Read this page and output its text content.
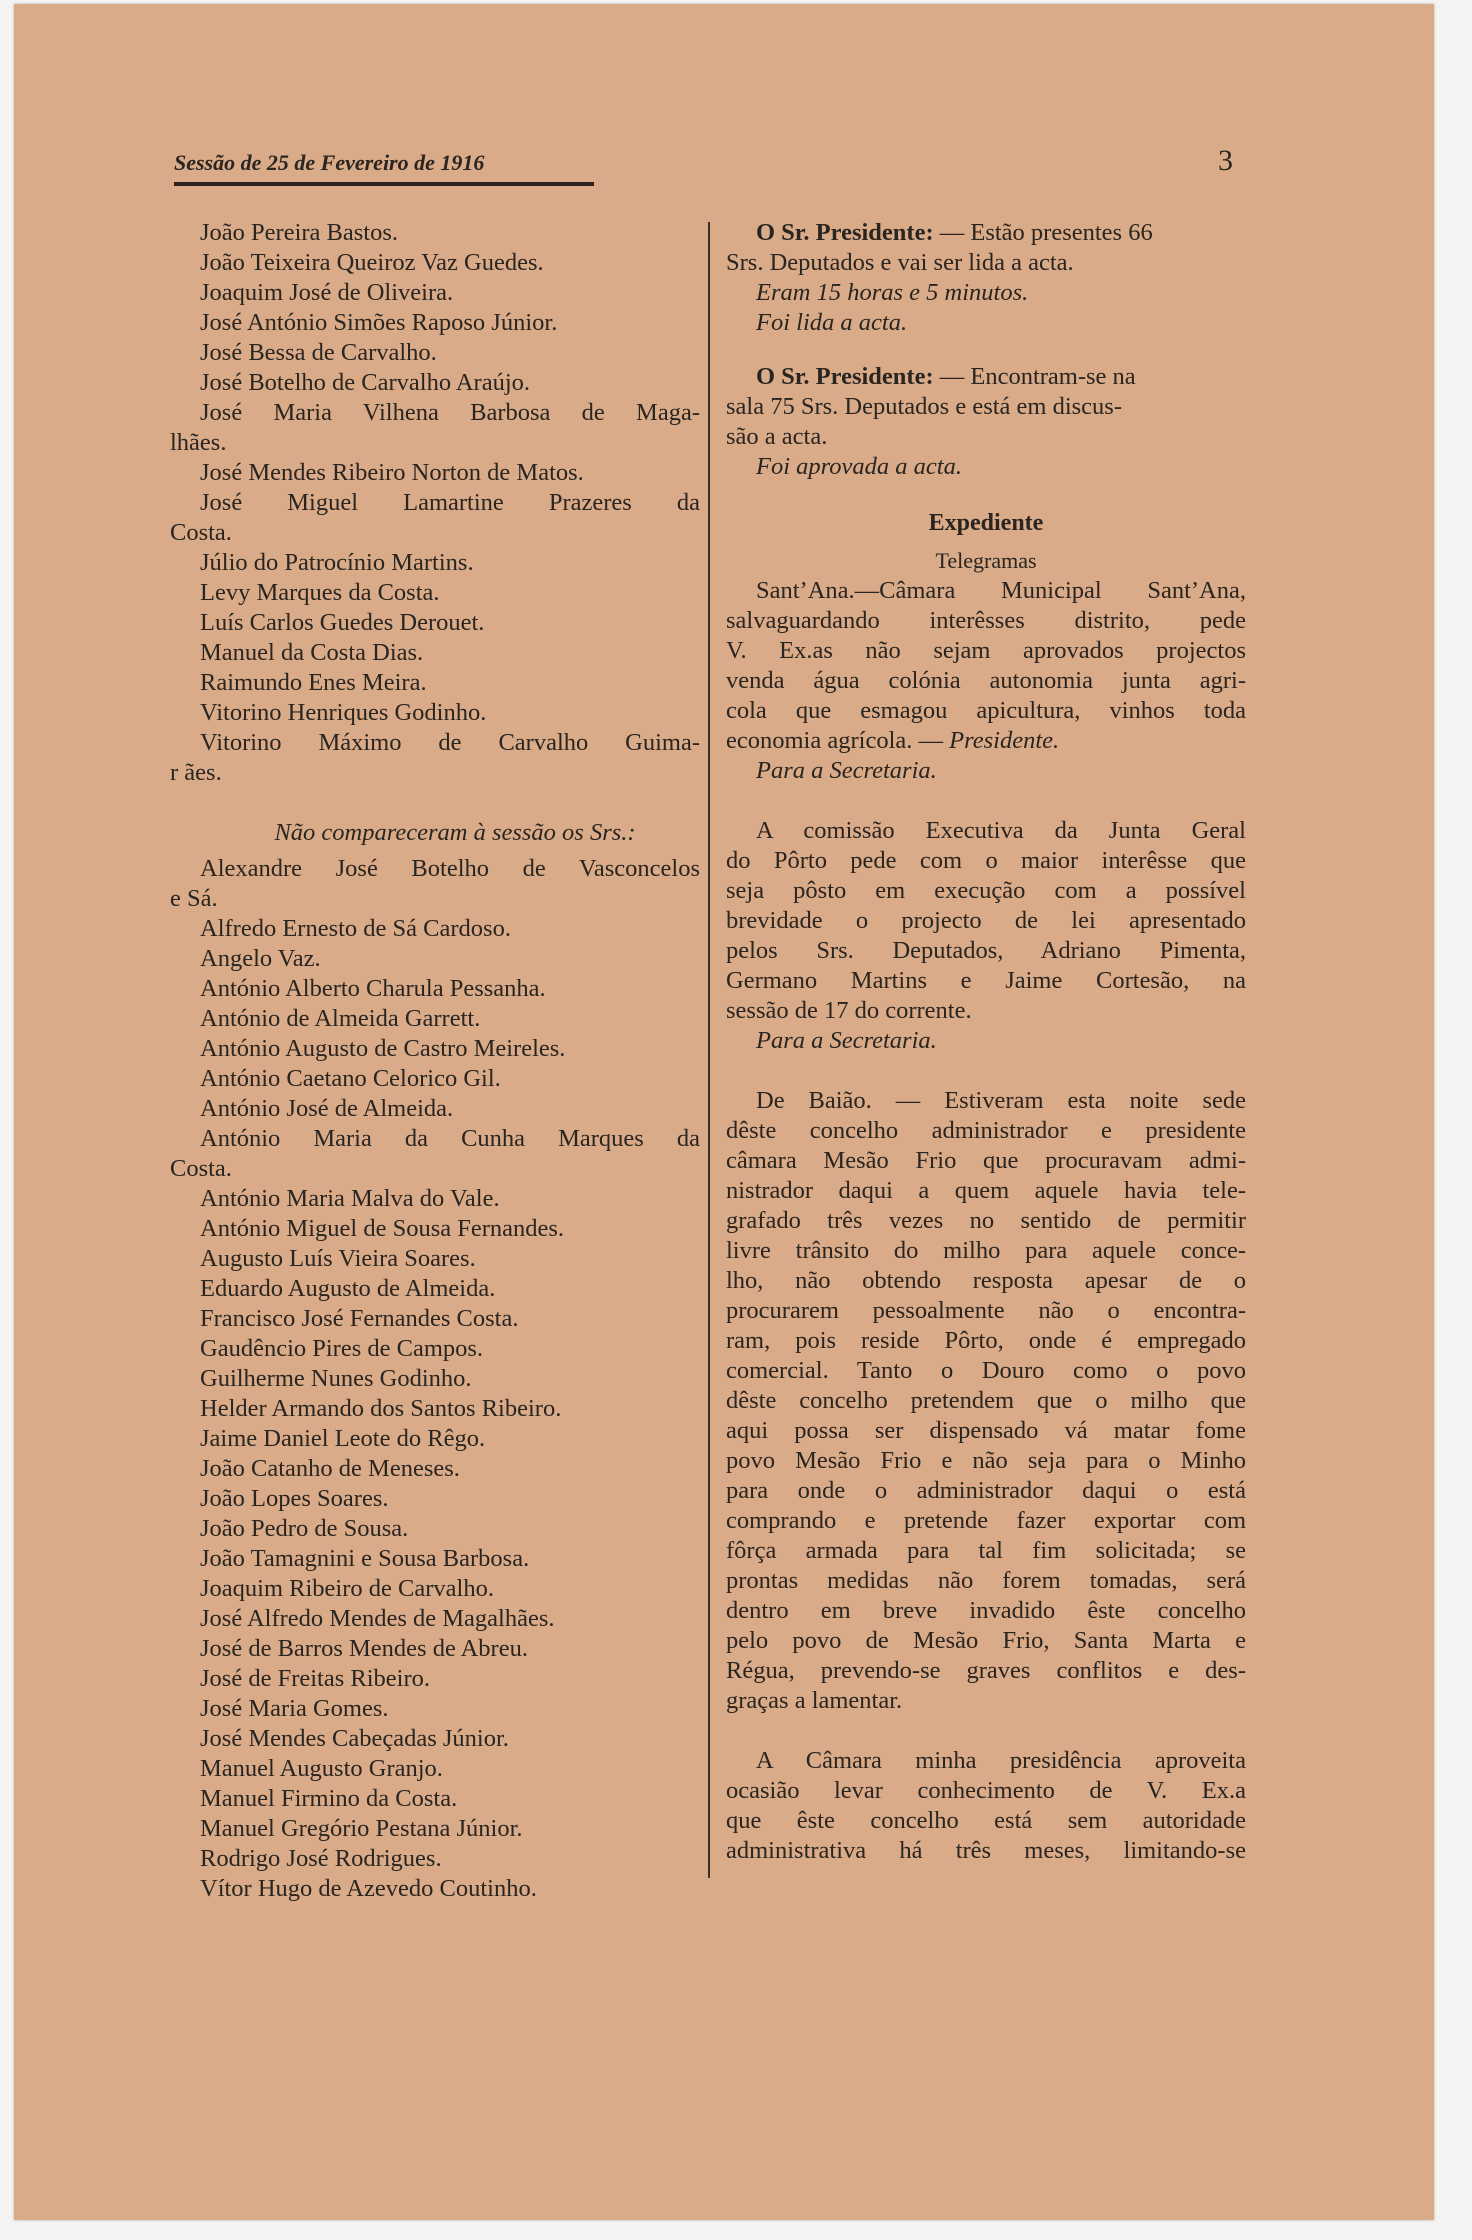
Sessão de 25 de Fevereiro de 1916	3
João Pereira Bastos.
João Teixeira Queiroz Vaz Guedes.
Joaquim José de Oliveira.
José António Simões Raposo Júnior.
José Bessa de Carvalho.
José Botelho de Carvalho Araújo.
José Maria Vilhena Barbosa de Maga-
lhães.
José Mendes Ribeiro Norton de Matos.
José Miguel Lamartine Prazeres da
Costa.
Júlio do Patrocínio Martins.
Levy Marques da Costa.
Luís Carlos Guedes Derouet.
Manuel da Costa Dias.
Raimundo Enes Meira.
Vitorino Henriques Godinho.
Vitorino Máximo de Carvalho Guima-
r ães.
Não compareceram à sessão os Srs.:
Alexandre José Botelho de Vasconcelos
e Sá.
Alfredo Ernesto de Sá Cardoso.
Angelo Vaz.
António Alberto Charula Pessanha.
António de Almeida Garrett.
António Augusto de Castro Meireles.
António Caetano Celorico Gil.
António José de Almeida.
António Maria da Cunha Marques da
Costa.
António Maria Malva do Vale.
António Miguel de Sousa Fernandes.
Augusto Luís Vieira Soares.
Eduardo Augusto de Almeida.
Francisco José Fernandes Costa.
Gaudêncio Pires de Campos.
Guilherme Nunes Godinho.
Helder Armando dos Santos Ribeiro.
Jaime Daniel Leote do Rêgo.
João Catanho de Meneses.
João Lopes Soares.
João Pedro de Sousa.
João Tamagnini e Sousa Barbosa.
Joaquim Ribeiro de Carvalho.
José Alfredo Mendes de Magalhães.
José de Barros Mendes de Abreu.
José de Freitas Ribeiro.
José Maria Gomes.
José Mendes Cabeçadas Júnior.
Manuel Augusto Granjo.
Manuel Firmino da Costa.
Manuel Gregório Pestana Júnior.
Rodrigo José Rodrigues.
Vítor Hugo de Azevedo Coutinho.
O Sr. Presidente: — Estão presentes 66
Srs. Deputados e vai ser lida a acta.
Eram 15 horas e 5 minutos.
Foi lida a acta.
O Sr. Presidente: — Encontram-se na
sala 75 Srs. Deputados e está em discus-
são a acta.
Foi aprovada a acta.
Expediente
Telegramas
Sant’Ana.—Câmara Municipal Sant’Ana,
salvaguardando interêsses distrito, pede
V. Ex.as não sejam aprovados projectos
venda água colónia autonomia junta agri-
cola que esmagou apicultura, vinhos toda
economia agrícola. — Presidente.
Para a Secretaria.
A comissão Executiva da Junta Geral
do Pôrto pede com o maior interêsse que
seja pôsto em execução com a possível
brevidade o projecto de lei apresentado
pelos Srs. Deputados, Adriano Pimenta,
Germano Martins e Jaime Cortesão, na
sessão de 17 do corrente.
Para a Secretaria.
De Baião. — Estiveram esta noite sede
dêste concelho administrador e presidente
câmara Mesão Frio que procuravam admi-
nistrador daqui a quem aquele havia tele-
grafado três vezes no sentido de permitir
livre trânsito do milho para aquele conce-
lho, não obtendo resposta apesar de o
procurarem pessoalmente não o encontra-
ram, pois reside Pôrto, onde é empregado
comercial. Tanto o Douro como o povo
dêste concelho pretendem que o milho que
aqui possa ser dispensado vá matar fome
povo Mesão Frio e não seja para o Minho
para onde o administrador daqui o está
comprando e pretende fazer exportar com
fôrça armada para tal fim solicitada; se
prontas medidas não forem tomadas, será
dentro em breve invadido êste concelho
pelo povo de Mesão Frio, Santa Marta e
Régua, prevendo-se graves conflitos e des-
graças a lamentar.
A Câmara minha presidência aproveita
ocasião levar conhecimento de V. Ex.a
que êste concelho está sem autoridade
administrativa há três meses, limitando-se
